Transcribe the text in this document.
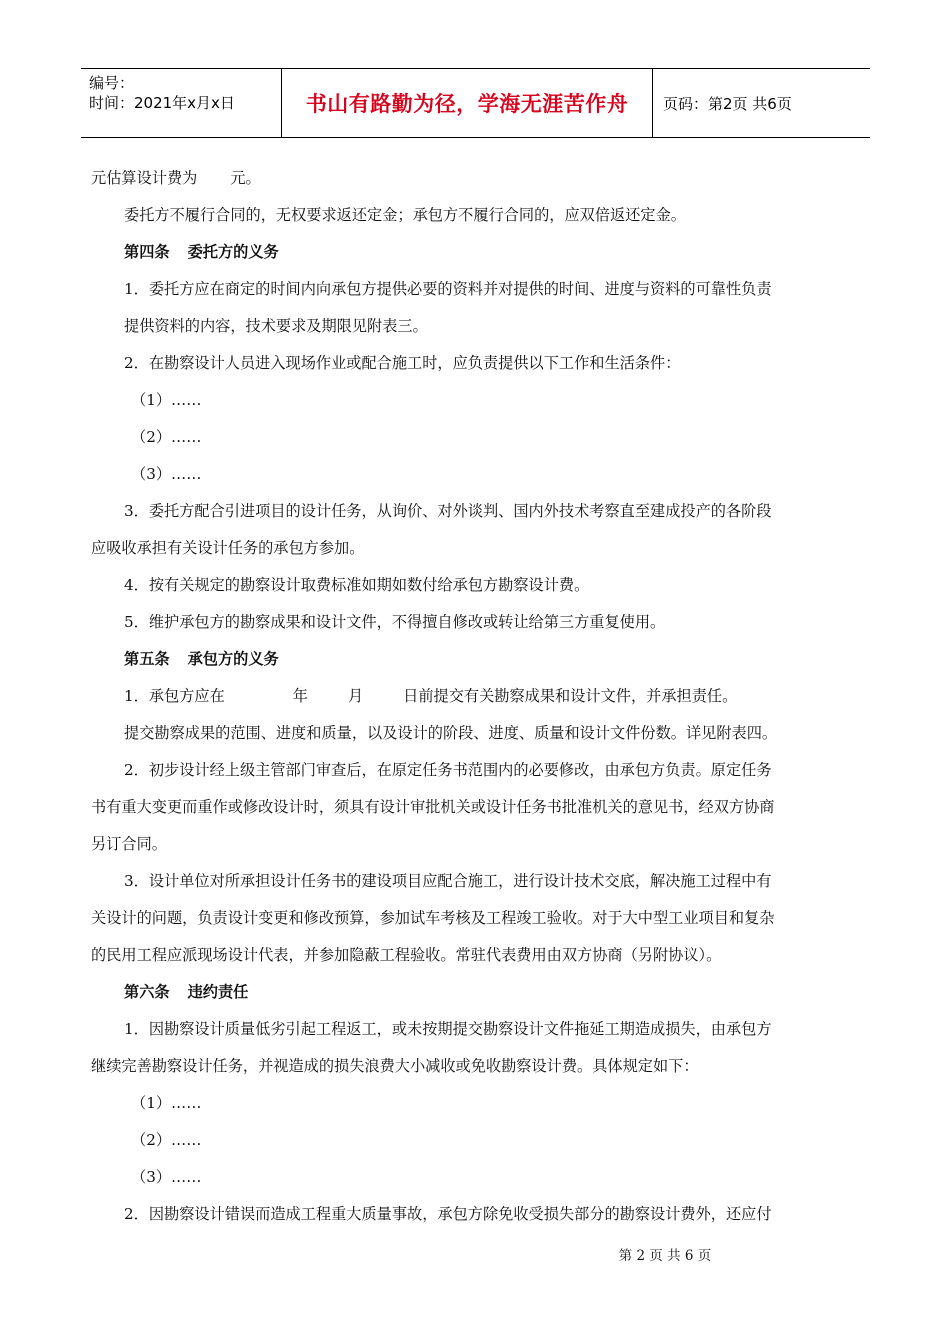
编号：
时间：2021年x月x日	书山有路勤为径，学海无涯苦作舟 页码：第2页 共6页
元估算设计费为 元。
委托方不履行合同的，无权要求返还定金；承包方不履行合同的，应双倍返还定金。
第四条 委托方的义务
1．委托方应在商定的时间内向承包方提供必要的资料并对提供的时间、进度与资料的可靠性负责
提供资料的内容，技术要求及期限见附表三。
2．在勘察设计人员进入现场作业或配合施工时，应负责提供以下工作和生活条件：
（1）……
（2）……
（3）……
3．委托方配合引进项目的设计任务，从询价、对外谈判、国内外技术考察直至建成投产的各阶段
应吸收承担有关设计任务的承包方参加。
4．按有关规定的勘察设计取费标准如期如数付给承包方勘察设计费。
5．维护承包方的勘察成果和设计文件，不得擅自修改或转让给第三方重复使用。
第五条 承包方的义务
1．承包方应在	年	月	日前提交有关勘察成果和设计文件，并承担责任。
提交勘察成果的范围、进度和质量，以及设计的阶段、进度、质量和设计文件份数。详见附表四。
2．初步设计经上级主管部门审查后，在原定任务书范围内的必要修改，由承包方负责。原定任务
书有重大变更而重作或修改设计时，须具有设计审批机关或设计任务书批准机关的意见书，经双方协商
另订合同。
3．设计单位对所承担设计任务书的建设项目应配合施工，进行设计技术交底，解决施工过程中有
关设计的问题，负责设计变更和修改预算，参加试车考核及工程竣工验收。对于大中型工业项目和复杂
的民用工程应派现场设计代表，并参加隐蔽工程验收。常驻代表费用由双方协商（另附协议）。
第六条 违约责任
1．因勘察设计质量低劣引起工程返工，或未按期提交勘察设计文件拖延工期造成损失，由承包方
继续完善勘察设计任务，并视造成的损失浪费大小减收或免收勘察设计费。具体规定如下：
（1）……
（2）……
（3）……
2．因勘察设计错误而造成工程重大质量事故，承包方除免收受损失部分的勘察设计费外，还应付
第 2 页 共 6 页
